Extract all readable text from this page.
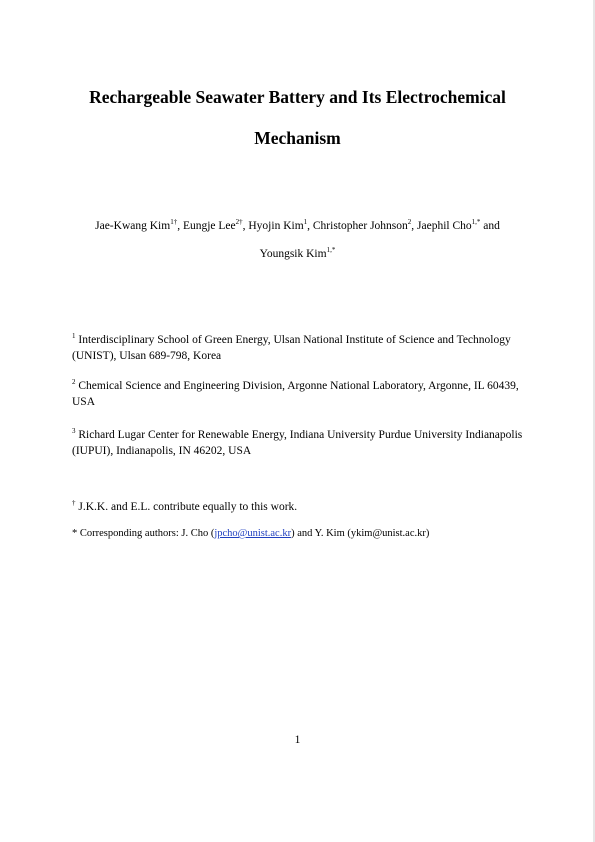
Rechargeable Seawater Battery and Its Electrochemical
Mechanism
Jae-Kwang Kim$^{1\dagger}$, Eungje Lee$^{2\dagger}$, Hyojin Kim$^1$, Christopher Johnson$^2$, Jaephil Cho$^{1,*}$ and
Youngsik Kim$^{1,*}$
$^1$ Interdisciplinary School of Green Energy, Ulsan National Institute of Science and Technology (UNIST), Ulsan 689-798, Korea
$^2$ Chemical Science and Engineering Division, Argonne National Laboratory, Argonne, IL 60439, USA
$^3$ Richard Lugar Center for Renewable Energy, Indiana University Purdue University Indianapolis (IUPUI), Indianapolis, IN 46202, USA
† J.K.K. and E.L. contribute equally to this work.
* Corresponding authors: J. Cho (jpcho@unist.ac.kr) and Y. Kim (ykim@unist.ac.kr)
1
